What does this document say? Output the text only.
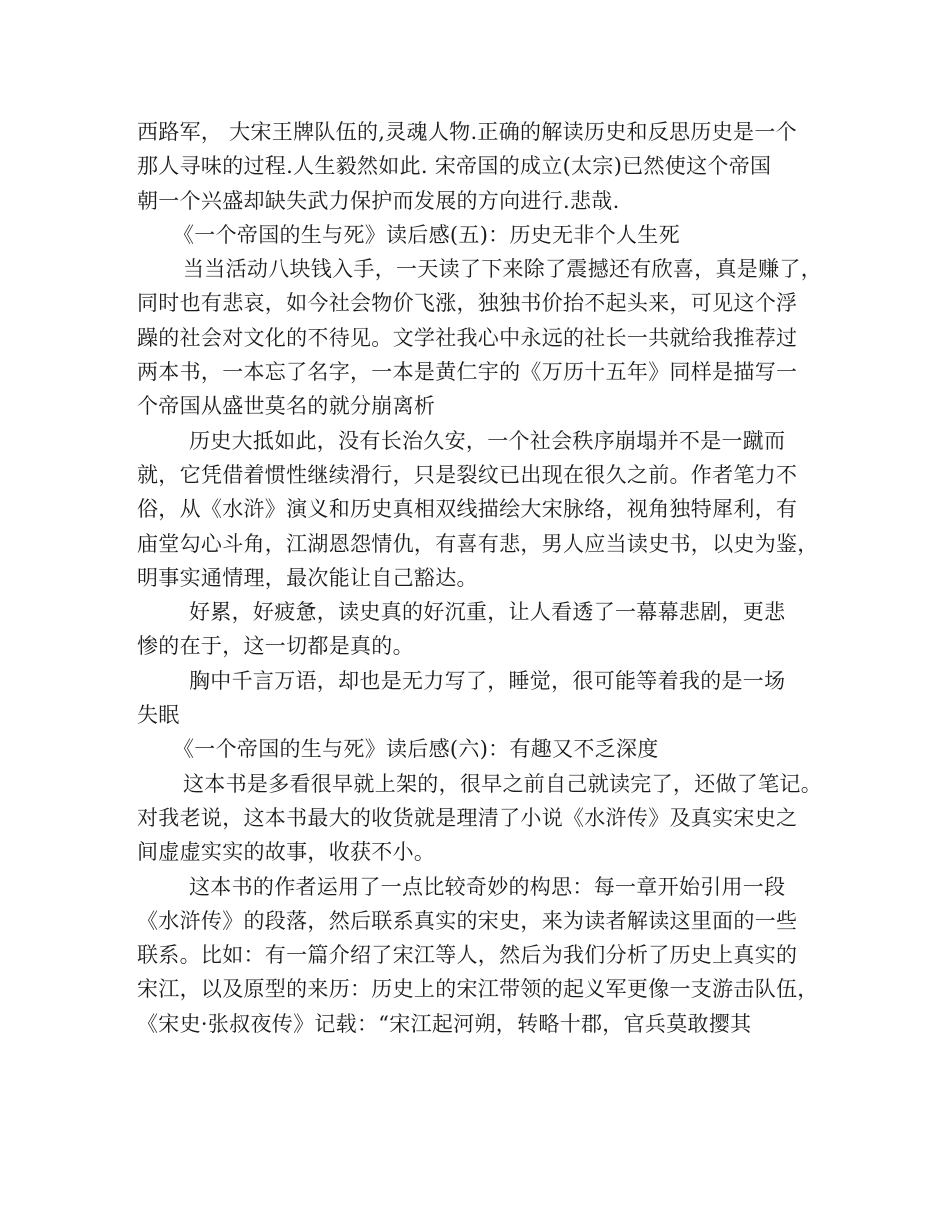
西路军， 大宋王牌队伍的,灵魂人物.正确的解读历史和反思历史是一个
那人寻味的过程.人生毅然如此. 宋帝国的成立(太宗)已然使这个帝国
朝一个兴盛却缺失武力保护而发展的方向进行.悲哉.
《一个帝国的生与死》读后感(五)：历史无非个人生死
当当活动八块钱入手，一天读了下来除了震撼还有欣喜，真是赚了，
同时也有悲哀，如今社会物价飞涨，独独书价抬不起头来，可见这个浮
躁的社会对文化的不待见。文学社我心中永远的社长一共就给我推荐过
两本书，一本忘了名字，一本是黄仁宇的《万历十五年》同样是描写一
个帝国从盛世莫名的就分崩离析
历史大抵如此，没有长治久安，一个社会秩序崩塌并不是一蹴而
就，它凭借着惯性继续滑行，只是裂纹已出现在很久之前。作者笔力不
俗，从《水浒》演义和历史真相双线描绘大宋脉络，视角独特犀利，有
庙堂勾心斗角，江湖恩怨情仇，有喜有悲，男人应当读史书，以史为鉴，
明事实通情理，最次能让自己豁达。
好累，好疲惫，读史真的好沉重，让人看透了一幕幕悲剧，更悲
惨的在于，这一切都是真的。
胸中千言万语，却也是无力写了，睡觉，很可能等着我的是一场
失眠
《一个帝国的生与死》读后感(六)：有趣又不乏深度
这本书是多看很早就上架的，很早之前自己就读完了，还做了笔记。
对我老说，这本书最大的收货就是理清了小说《水浒传》及真实宋史之
间虚虚实实的故事，收获不小。
这本书的作者运用了一点比较奇妙的构思：每一章开始引用一段
《水浒传》的段落，然后联系真实的宋史，来为读者解读这里面的一些
联系。比如：有一篇介绍了宋江等人，然后为我们分析了历史上真实的
宋江，以及原型的来历：历史上的宋江带领的起义军更像一支游击队伍，
《宋史·张叔夜传》记载：“宋江起河朔，转略十郡，官兵莫敢撄其
